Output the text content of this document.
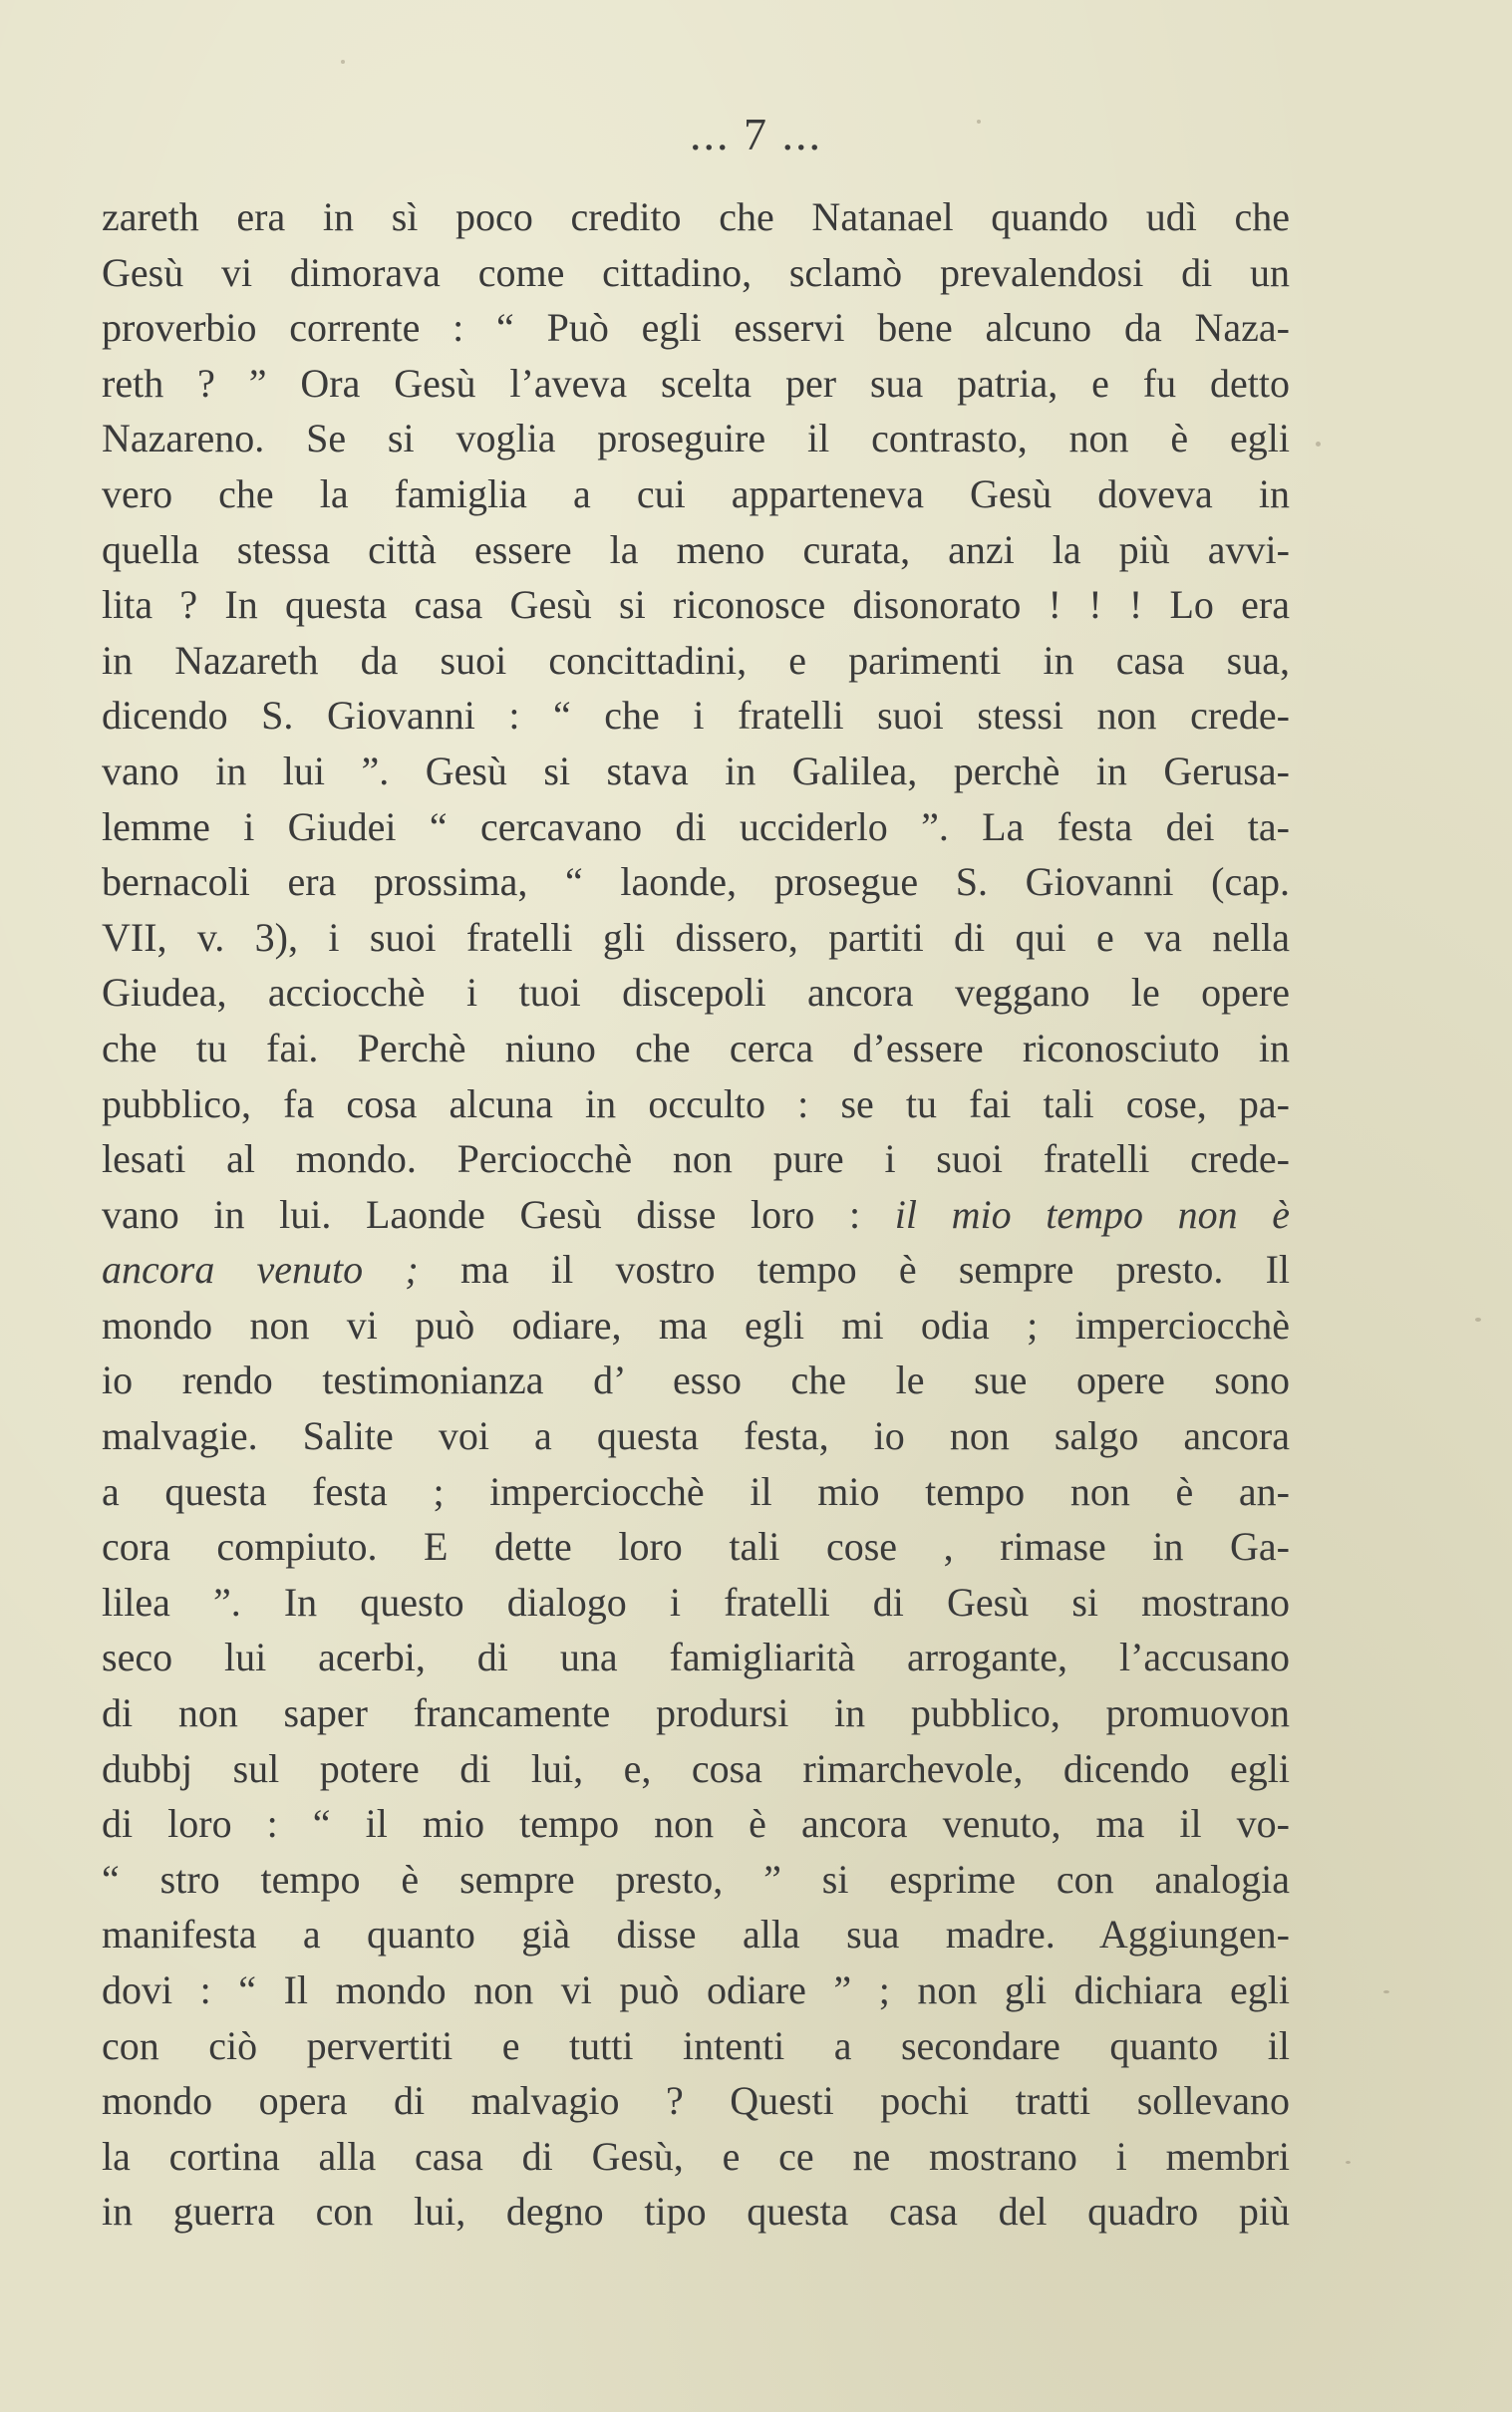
... 7 ...
zareth era in sì poco credito che Natanael quando udì che
Gesù vi dimorava come cittadino, sclamò prevalendosi di un
proverbio corrente : “ Può egli esservi bene alcuno da Naza-
reth ? ” Ora Gesù l’aveva scelta per sua patria, e fu detto
Nazareno. Se si voglia proseguire il contrasto, non è egli
vero che la famiglia a cui apparteneva Gesù doveva in
quella stessa città essere la meno curata, anzi la più avvi-
lita ? In questa casa Gesù si riconosce disonorato ! ! ! Lo era
in Nazareth da suoi concittadini, e parimenti in casa sua,
dicendo S. Giovanni : “ che i fratelli suoi stessi non crede-
vano in lui ”. Gesù si stava in Galilea, perchè in Gerusa-
lemme i Giudei “ cercavano di ucciderlo ”. La festa dei ta-
bernacoli era prossima, “ laonde, prosegue S. Giovanni (cap.
VII, v. 3), i suoi fratelli gli dissero, partiti di qui e va nella
Giudea, acciocchè i tuoi discepoli ancora veggano le opere
che tu fai. Perchè niuno che cerca d’essere riconosciuto in
pubblico, fa cosa alcuna in occulto : se tu fai tali cose, pa-
lesati al mondo. Perciocchè non pure i suoi fratelli crede-
vano in lui. Laonde Gesù disse loro : il mio tempo non è
ancora venuto ; ma il vostro tempo è sempre presto. Il
mondo non vi può odiare, ma egli mi odia ; imperciocchè
io rendo testimonianza d’ esso che le sue opere sono
malvagie. Salite voi a questa festa, io non salgo ancora
a questa festa ; imperciocchè il mio tempo non è an-
cora compiuto. E dette loro tali cose , rimase in Ga-
lilea ”. In questo dialogo i fratelli di Gesù si mostrano
seco lui acerbi, di una famigliarità arrogante, l’accusano
di non saper francamente prodursi in pubblico, promuovon
dubbj sul potere di lui, e, cosa rimarchevole, dicendo egli
di loro : “ il mio tempo non è ancora venuto, ma il vo-
“ stro tempo è sempre presto, ” si esprime con analogia
manifesta a quanto già disse alla sua madre. Aggiungen-
dovi : “ Il mondo non vi può odiare ” ; non gli dichiara egli
con ciò pervertiti e tutti intenti a secondare quanto il
mondo opera di malvagio ? Questi pochi tratti sollevano
la cortina alla casa di Gesù, e ce ne mostrano i membri
in guerra con lui, degno tipo questa casa del quadro più
